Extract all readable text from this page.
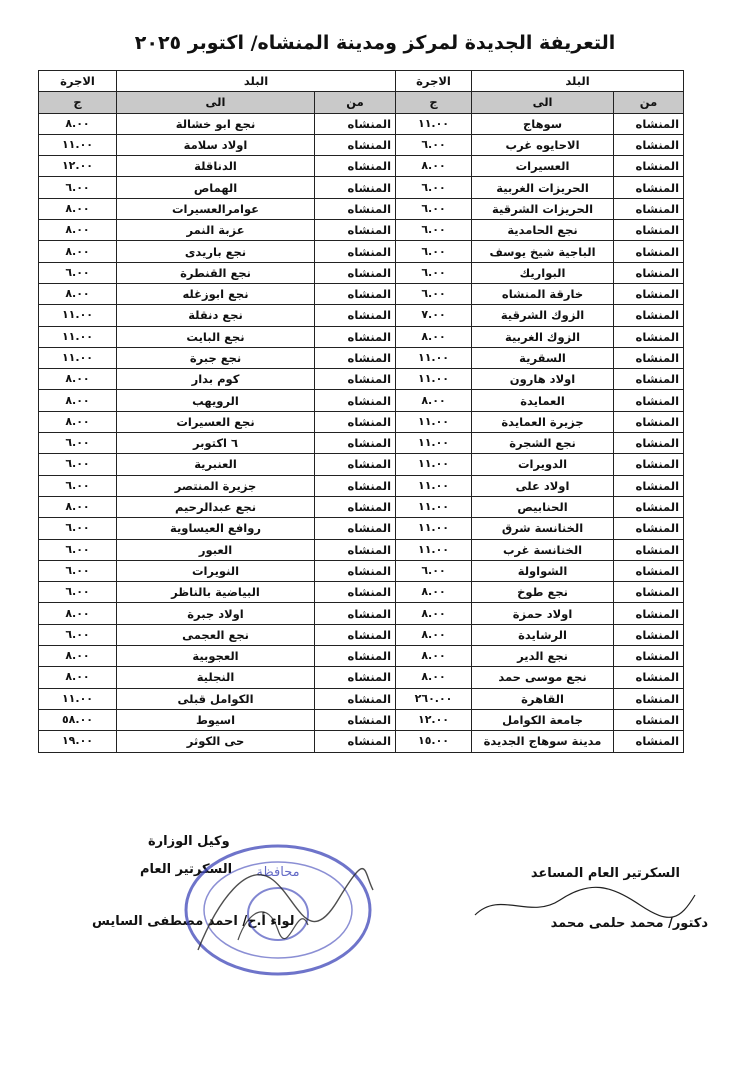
التعريفة الجديدة لمركز ومدينة المنشاه/ اكتوبر ٢٠٢٥
البلد		الاجرة	البلد		الاجرة
من	الى	ج	من	الى	ج
المنشاه	سوهاج	١١.٠٠	المنشاه	نجع ابو خشالة	٨.٠٠
المنشاه	الاحايوه غرب	٦.٠٠	المنشاه	اولاد سلامة	١١.٠٠
المنشاه	العسيرات	٨.٠٠	المنشاه	الدناقلة	١٢.٠٠
المنشاه	الحريزات الغربية	٦.٠٠	المنشاه	الهماص	٦.٠٠
المنشاه	الحريزات الشرقية	٦.٠٠	المنشاه	عوامرالعسيرات	٨.٠٠
المنشاه	نجع الحامدية	٦.٠٠	المنشاه	عزبة النمر	٨.٠٠
المنشاه	الباجية شيخ يوسف	٦.٠٠	المنشاه	نجع باريدى	٨.٠٠
المنشاه	البواريك	٦.٠٠	المنشاه	نجع القنطرة	٦.٠٠
المنشاه	خارقة المنشاه	٦.٠٠	المنشاه	نجع ابوزغله	٨.٠٠
المنشاه	الزوك الشرقية	٧.٠٠	المنشاه	نجع دنقلة	١١.٠٠
المنشاه	الزوك الغربية	٨.٠٠	المنشاه	نجع البايت	١١.٠٠
المنشاه	السقرية	١١.٠٠	المنشاه	نجع جبرة	١١.٠٠
المنشاه	اولاد هارون	١١.٠٠	المنشاه	كوم بدار	٨.٠٠
المنشاه	العمايدة	٨.٠٠	المنشاه	الرويهب	٨.٠٠
المنشاه	جزيرة العمايدة	١١.٠٠	المنشاه	نجع العسيرات	٨.٠٠
المنشاه	نجع الشجرة	١١.٠٠	المنشاه	٦ اكتوبر	٦.٠٠
المنشاه	الدويرات	١١.٠٠	المنشاه	العنبرية	٦.٠٠
المنشاه	اولاد على	١١.٠٠	المنشاه	جزيرة المنتصر	٦.٠٠
المنشاه	الحنابيص	١١.٠٠	المنشاه	نجع عبدالرحيم	٨.٠٠
المنشاه	الخنانسة شرق	١١.٠٠	المنشاه	روافع العيساوية	٦.٠٠
المنشاه	الخنانسة غرب	١١.٠٠	المنشاه	العبور	٦.٠٠
المنشاه	الشواولة	٦.٠٠	المنشاه	النويرات	٦.٠٠
المنشاه	نجع طوخ	٨.٠٠	المنشاه	البياضية بالناظر	٦.٠٠
المنشاه	اولاد حمزة	٨.٠٠	المنشاه	اولاد جبرة	٨.٠٠
المنشاه	الرشايدة	٨.٠٠	المنشاه	نجع العجمى	٦.٠٠
المنشاه	نجع الدير	٨.٠٠	المنشاه	العجوبية	٨.٠٠
المنشاه	نجع موسى حمد	٨.٠٠	المنشاه	النجلية	٨.٠٠
المنشاه	القاهرة	٢٦٠.٠٠	المنشاه	الكوامل قبلى	١١.٠٠
المنشاه	جامعة الكوامل	١٢.٠٠	المنشاه	اسيوط	٥٨.٠٠
المنشاه	مدينة سوهاج الجديدة	١٥.٠٠	المنشاه	حى الكوثر	١٩.٠٠
السكرتير العام المساعد
دكتور/ محمد حلمى محمد
وكيل الوزارة
السكرتير العام
لواء أ.ح/ احمد مصطفى السايس
محافظة
